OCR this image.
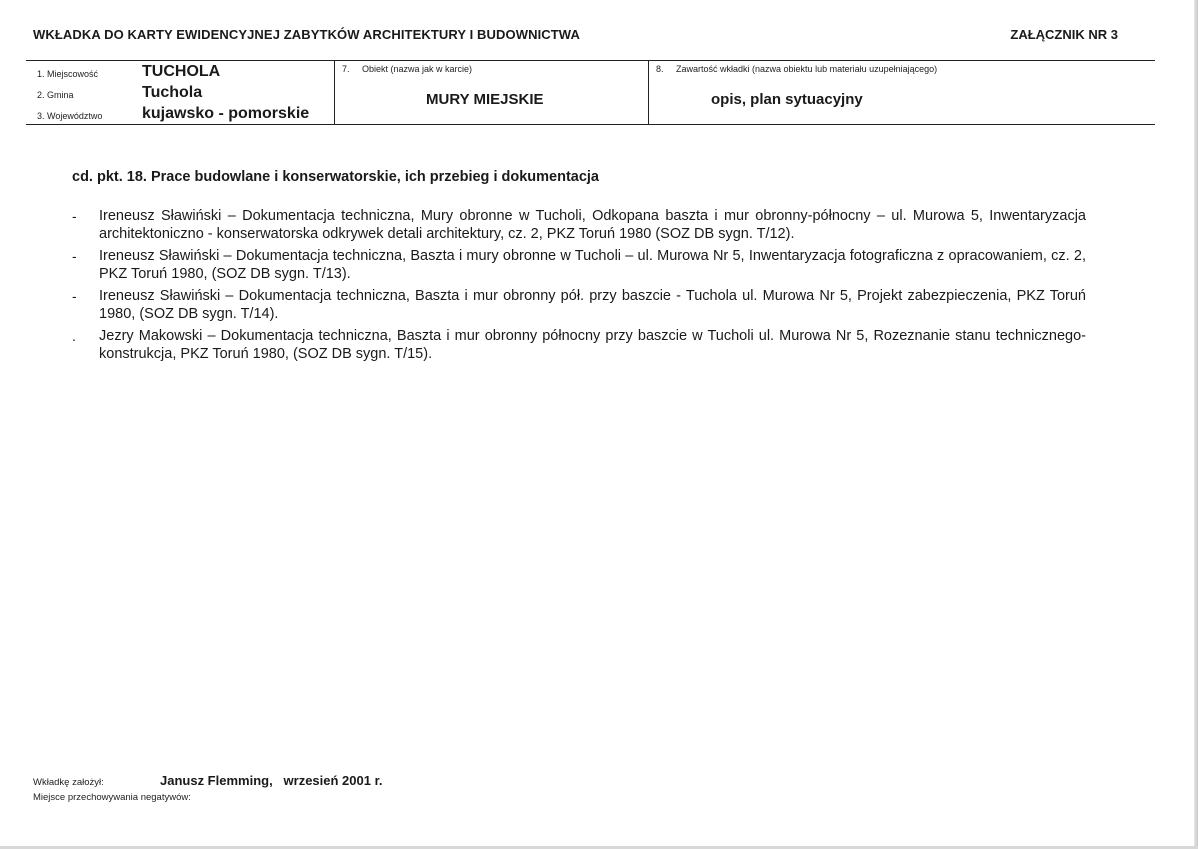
WKŁADKA DO KARTY EWIDENCYJNEJ ZABYTKÓW ARCHITEKTURY I BUDOWNICTWA	ZAŁĄCZNIK NR 3
1. Miejscowość	TUCHOLA
2. Gmina	Tuchola
3. Województwo kujawsko - pomorskie
7.     Obiekt (nazwa jak w karcie)
MURY MIEJSKIE
8.     Zawartość wkładki (nazwa obiektu lub materiału uzupełniającego)
opis, plan sytuacyjny
cd. pkt. 18. Prace budowlane i konserwatorskie, ich przebieg i dokumentacja
- Ireneusz Sławiński – Dokumentacja techniczna, Mury obronne w Tucholi, Odkopana baszta i mur obronny-północny – ul. Murowa 5, Inwentaryzacja architektoniczno - konserwatorska odkrywek detali architektury, cz. 2, PKZ Toruń 1980 (SOZ DB sygn. T/12).
- Ireneusz Sławiński – Dokumentacja techniczna, Baszta i mury obronne w Tucholi – ul. Murowa Nr 5, Inwentaryzacja fotograficzna z opracowaniem, cz. 2, PKZ Toruń 1980, (SOZ DB sygn. T/13).
- Ireneusz Sławiński – Dokumentacja techniczna, Baszta i mur obronny pół. przy baszcie - Tuchola ul. Murowa Nr 5, Projekt zabezpieczenia, PKZ Toruń 1980, (SOZ DB sygn. T/14).
. Jezry Makowski – Dokumentacja techniczna, Baszta i mur obronny północny przy baszcie w Tucholi ul. Murowa Nr 5, Rozeznanie stanu technicznego-konstrukcja, PKZ Toruń 1980, (SOZ DB sygn. T/15).
Wkładkę założył:	Janusz Flemming,   wrzesień 2001 r.
Miejsce przechowywania negatywów:
